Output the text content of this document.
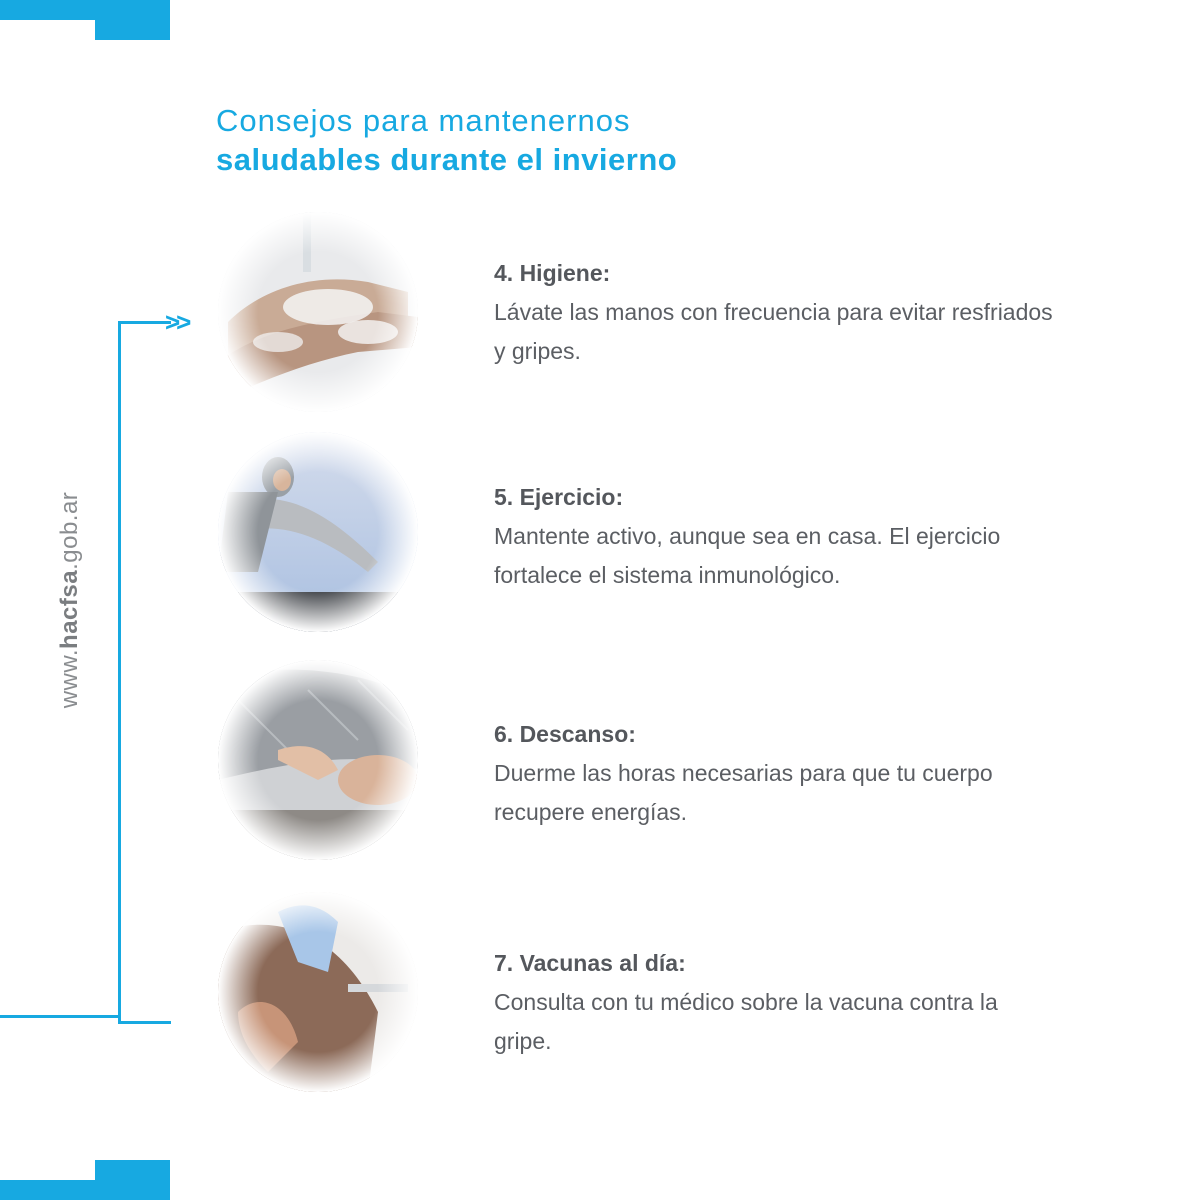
Consejos para mantenernos
saludables durante el invierno
>>
www.hacfsa.gob.ar
4. Higiene:
Lávate las manos con frecuencia para evitar resfriados y gripes.
5. Ejercicio:
Mantente activo, aunque sea en casa. El ejercicio fortalece el sistema inmunológico.
6. Descanso:
Duerme las horas necesarias para que tu cuerpo recupere energías.
7. Vacunas al día:
Consulta con tu médico sobre la vacuna contra la gripe.
